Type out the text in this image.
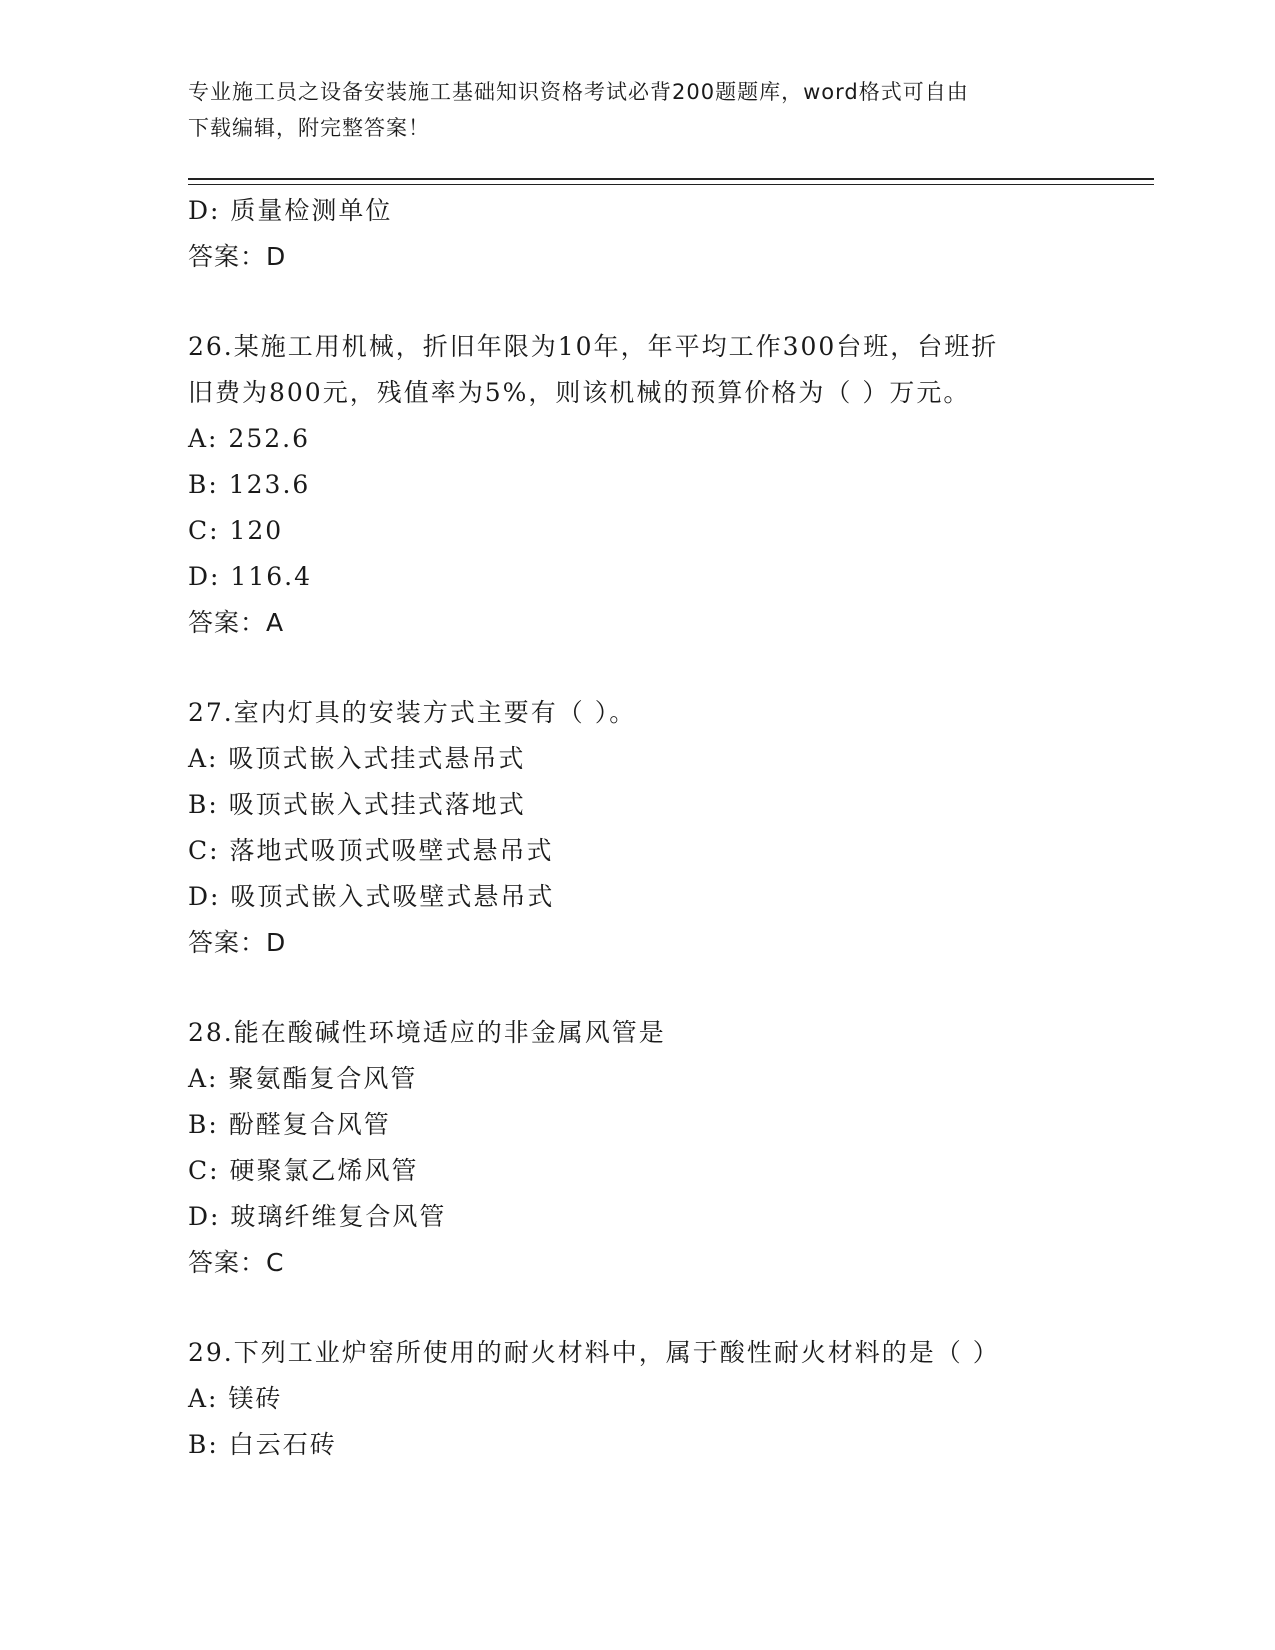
专业施工员之设备安装施工基础知识资格考试必背200题题库，word格式可自由
下载编辑，附完整答案！
D: 质量检测单位
答案：D
26.某施工用机械，折旧年限为10年，年平均工作300台班，台班折
旧费为800元，残值率为5%，则该机械的预算价格为（ ）万元。
A: 252.6
B: 123.6
C: 120
D: 116.4
答案：A
27.室内灯具的安装方式主要有（ ）。
A: 吸顶式嵌入式挂式悬吊式
B: 吸顶式嵌入式挂式落地式
C: 落地式吸顶式吸壁式悬吊式
D: 吸顶式嵌入式吸壁式悬吊式
答案：D
28.能在酸碱性环境适应的非金属风管是
A: 聚氨酯复合风管
B: 酚醛复合风管
C: 硬聚氯乙烯风管
D: 玻璃纤维复合风管
答案：C
29.下列工业炉窑所使用的耐火材料中，属于酸性耐火材料的是（ ）
A: 镁砖
B: 白云石砖
